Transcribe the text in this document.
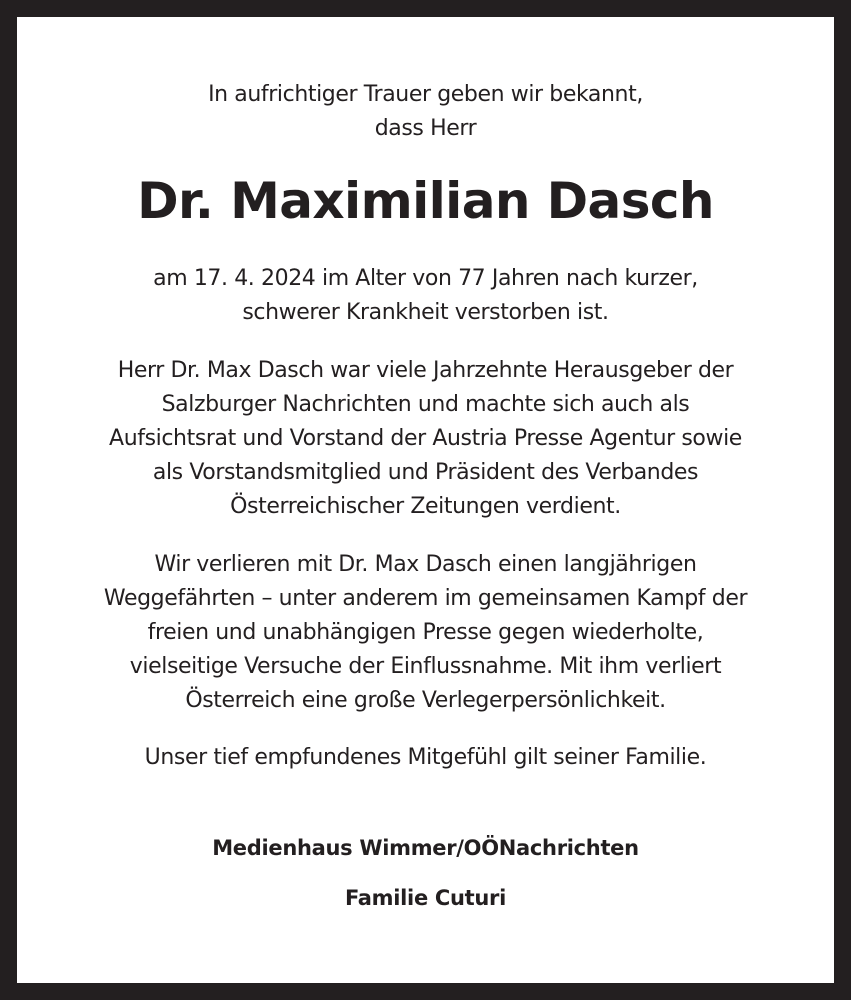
In aufrichtiger Trauer geben wir bekannt,
dass Herr
Dr. Maximilian Dasch
am 17. 4. 2024 im Alter von 77 Jahren nach kurzer,
schwerer Krankheit verstorben ist.
Herr Dr. Max Dasch war viele Jahrzehnte Herausgeber der
Salzburger Nachrichten und machte sich auch als
Aufsichtsrat und Vorstand der Austria Presse Agentur sowie
als Vorstandsmitglied und Präsident des Verbandes
Österreichischer Zeitungen verdient.
Wir verlieren mit Dr. Max Dasch einen langjährigen
Weggefährten – unter anderem im gemeinsamen Kampf der
freien und unabhängigen Presse gegen wiederholte,
vielseitige Versuche der Einflussnahme. Mit ihm verliert
Österreich eine große Verlegerpersönlichkeit.
Unser tief empfundenes Mitgefühl gilt seiner Familie.
Medienhaus Wimmer/OÖNachrichten
Familie Cuturi
